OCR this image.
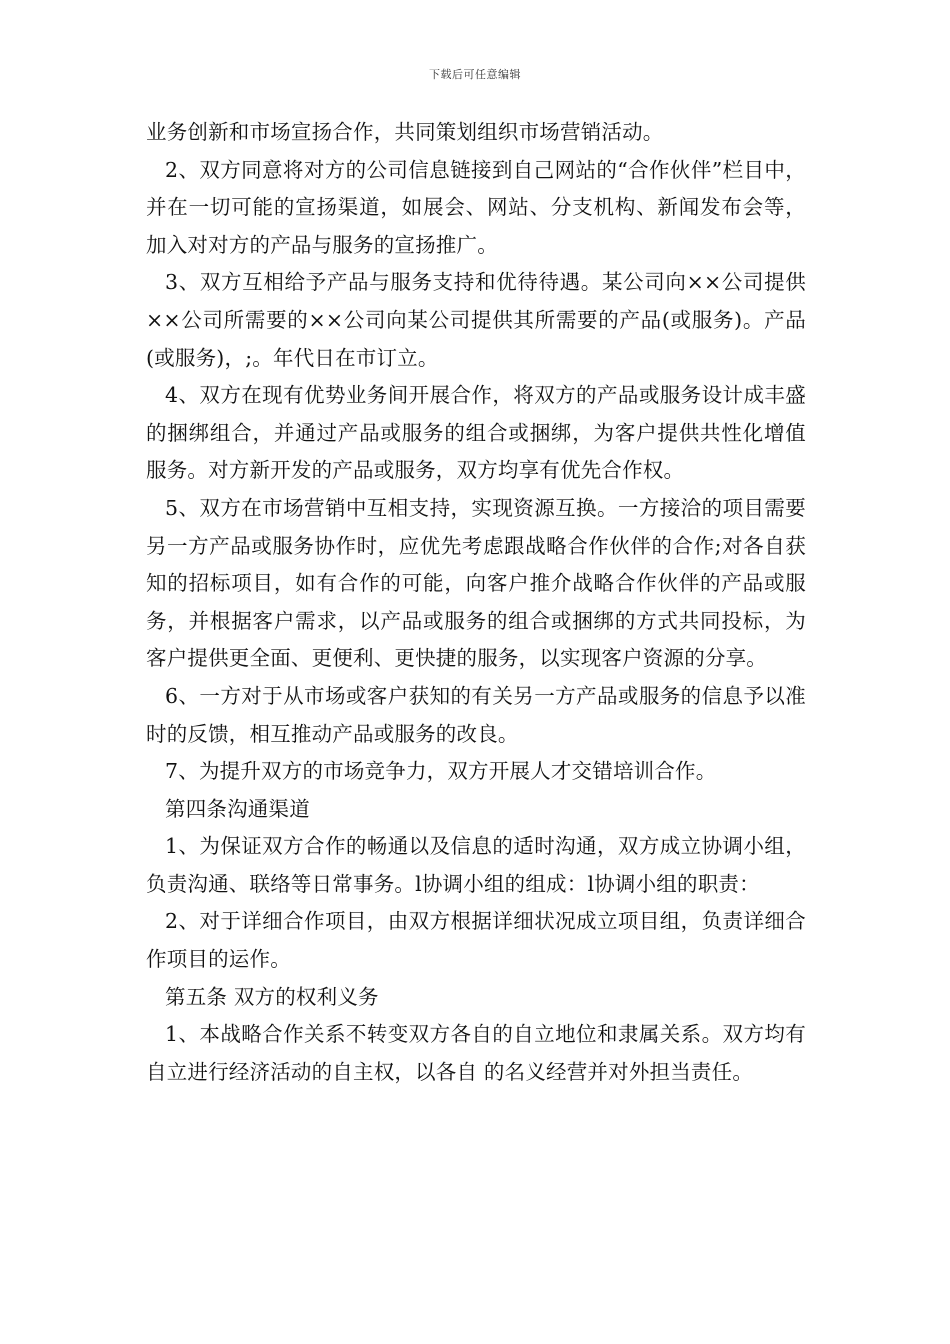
下载后可任意编辑

业务创新和市场宣扬合作，共同策划组织市场营销活动。

2、双方同意将对方的公司信息链接到自己网站的“合作伙伴”栏目中，并在一切可能的宣扬渠道，如展会、网站、分支机构、新闻发布会等，加入对对方的产品与服务的宣扬推广。

3、双方互相给予产品与服务支持和优待待遇。某公司向××公司提供××公司所需要的××公司向某公司提供其所需要的产品(或服务)。产品(或服务)，;。年代日在市订立。

4、双方在现有优势业务间开展合作，将双方的产品或服务设计成丰盛的捆绑组合，并通过产品或服务的组合或捆绑，为客户提供共性化增值服务。对方新开发的产品或服务，双方均享有优先合作权。

5、双方在市场营销中互相支持，实现资源互换。一方接洽的项目需要另一方产品或服务协作时，应优先考虑跟战略合作伙伴的合作;对各自获知的招标项目，如有合作的可能，向客户推介战略合作伙伴的产品或服务，并根据客户需求，以产品或服务的组合或捆绑的方式共同投标，为客户提供更全面、更便利、更快捷的服务，以实现客户资源的分享。

6、一方对于从市场或客户获知的有关另一方产品或服务的信息予以准时的反馈，相互推动产品或服务的改良。

7、为提升双方的市场竞争力，双方开展人才交错培训合作。

第四条沟通渠道

1、为保证双方合作的畅通以及信息的适时沟通，双方成立协调小组，负责沟通、联络等日常事务。l协调小组的组成：l协调小组的职责：

2、对于详细合作项目，由双方根据详细状况成立项目组，负责详细合作项目的运作。

第五条 双方的权利义务

1、本战略合作关系不转变双方各自的自立地位和隶属关系。双方均有自立进行经济活动的自主权，以各自 的名义经营并对外担当责任。
